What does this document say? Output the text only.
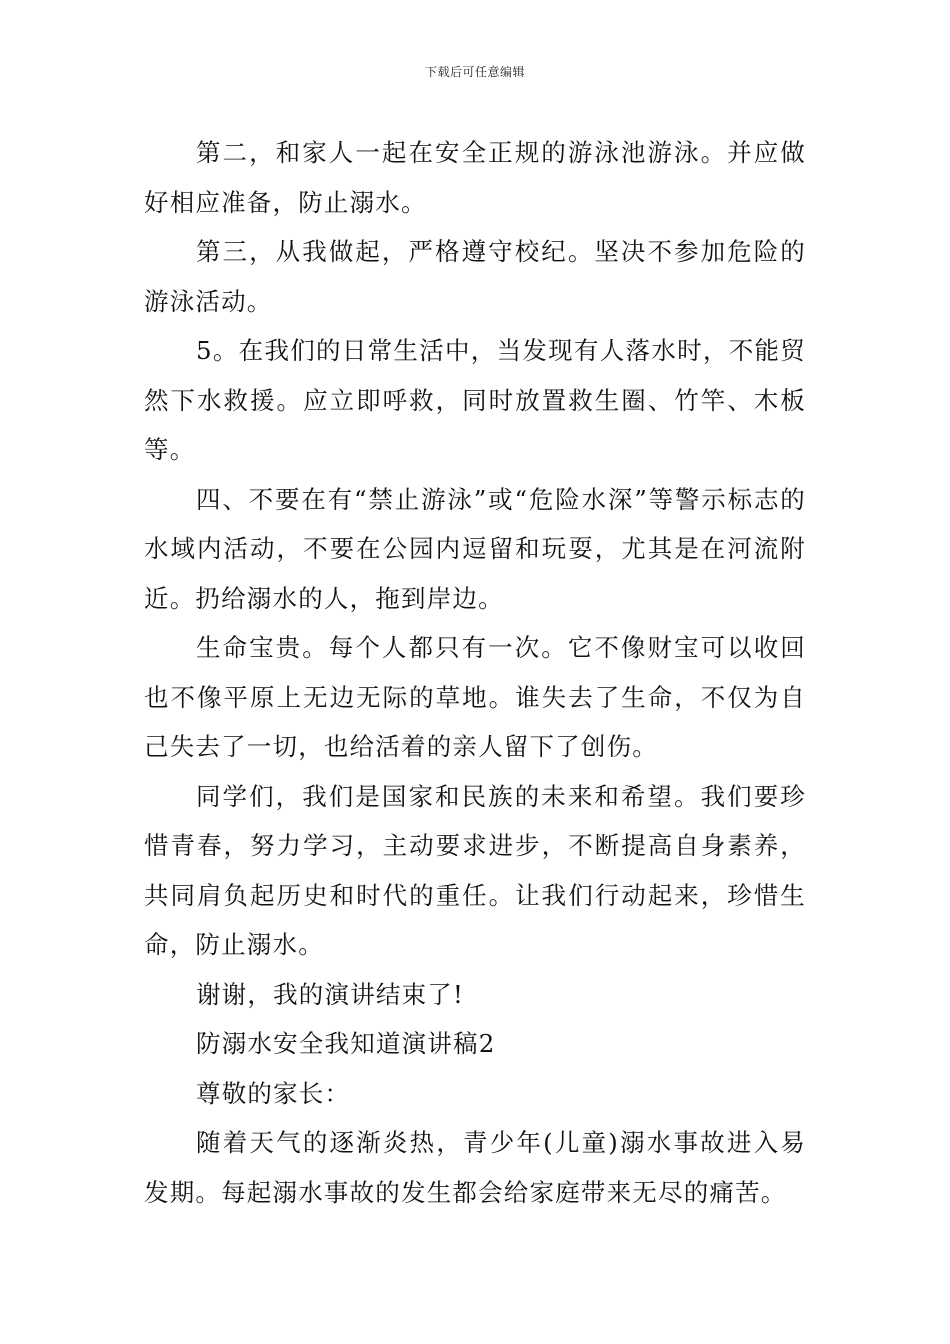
下载后可任意编辑

第二，和家人一起在安全正规的游泳池游泳。并应做好相应准备，防止溺水。

第三，从我做起，严格遵守校纪。坚决不参加危险的游泳活动。

5。在我们的日常生活中，当发现有人落水时，不能贸然下水救援。应立即呼救，同时放置救生圈、竹竿、木板等。

四、不要在有“禁止游泳”或“危险水深”等警示标志的水域内活动，不要在公园内逗留和玩耍，尤其是在河流附近。扔给溺水的人，拖到岸边。

生命宝贵。每个人都只有一次。它不像财宝可以收回也不像平原上无边无际的草地。谁失去了生命，不仅为自己失去了一切，也给活着的亲人留下了创伤。

同学们，我们是国家和民族的未来和希望。我们要珍惜青春，努力学习，主动要求进步，不断提高自身素养，共同肩负起历史和时代的重任。让我们行动起来，珍惜生命，防止溺水。

谢谢，我的演讲结束了!

防溺水安全我知道演讲稿2

尊敬的家长：

随着天气的逐渐炎热，青少年(儿童)溺水事故进入易发期。每起溺水事故的发生都会给家庭带来无尽的痛苦。
